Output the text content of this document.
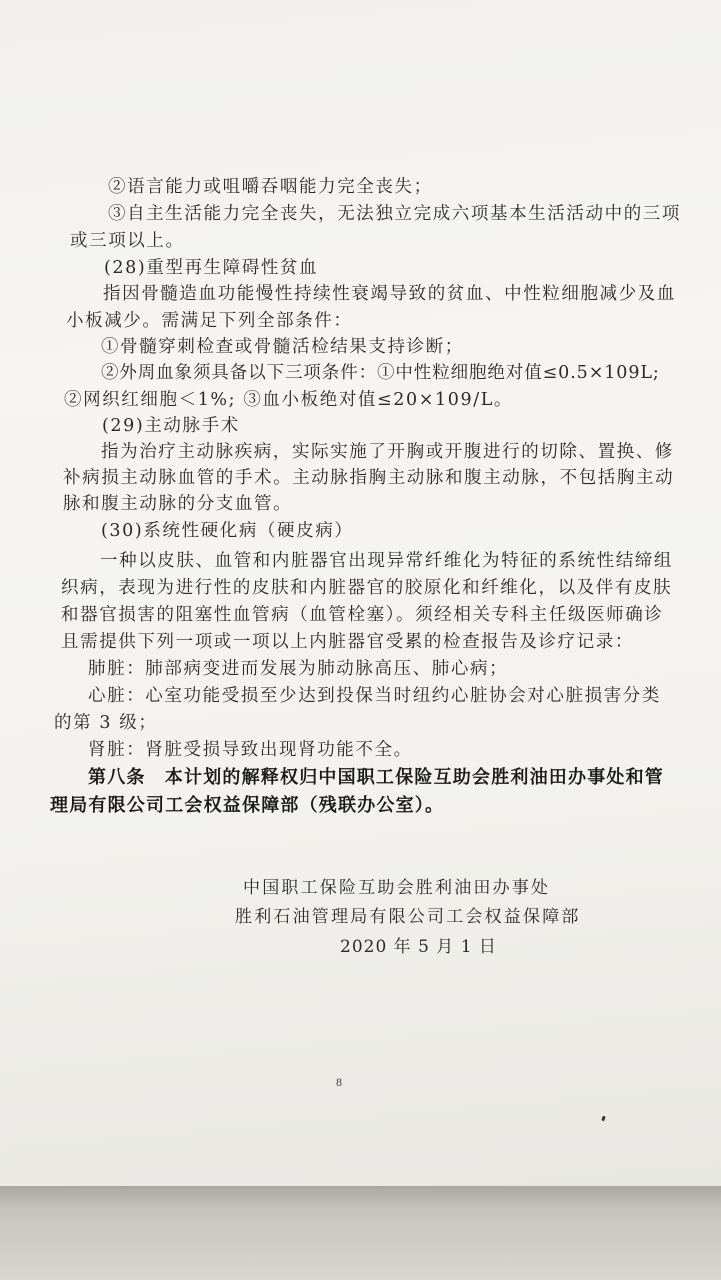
②语言能力或咀嚼吞咽能力完全丧失；
③自主生活能力完全丧失，无法独立完成六项基本生活活动中的三项
或三项以上。
(28)重型再生障碍性贫血
指因骨髓造血功能慢性持续性衰竭导致的贫血、中性粒细胞减少及血
小板减少。需满足下列全部条件：
①骨髓穿刺检查或骨髓活检结果支持诊断；
②外周血象须具备以下三项条件：①中性粒细胞绝对值≤0.5×109L;
②网织红细胞＜1%; ③血小板绝对值≤20×109/L。
(29)主动脉手术
指为治疗主动脉疾病，实际实施了开胸或开腹进行的切除、置换、修
补病损主动脉血管的手术。主动脉指胸主动脉和腹主动脉，不包括胸主动
脉和腹主动脉的分支血管。
(30)系统性硬化病（硬皮病）
一种以皮肤、血管和内脏器官出现异常纤维化为特征的系统性结缔组
织病，表现为进行性的皮肤和内脏器官的胶原化和纤维化，以及伴有皮肤
和器官损害的阻塞性血管病（血管栓塞）。须经相关专科主任级医师确诊
且需提供下列一项或一项以上内脏器官受累的检查报告及诊疗记录：
肺脏：肺部病变进而发展为肺动脉高压、肺心病；
心脏：心室功能受损至少达到投保当时纽约心脏协会对心脏损害分类
的第 3 级；
肾脏：肾脏受损导致出现肾功能不全。
第八条　本计划的解释权归中国职工保险互助会胜利油田办事处和管
理局有限公司工会权益保障部（残联办公室）。
中国职工保险互助会胜利油田办事处
胜利石油管理局有限公司工会权益保障部
2020 年 5 月 1 日
8
